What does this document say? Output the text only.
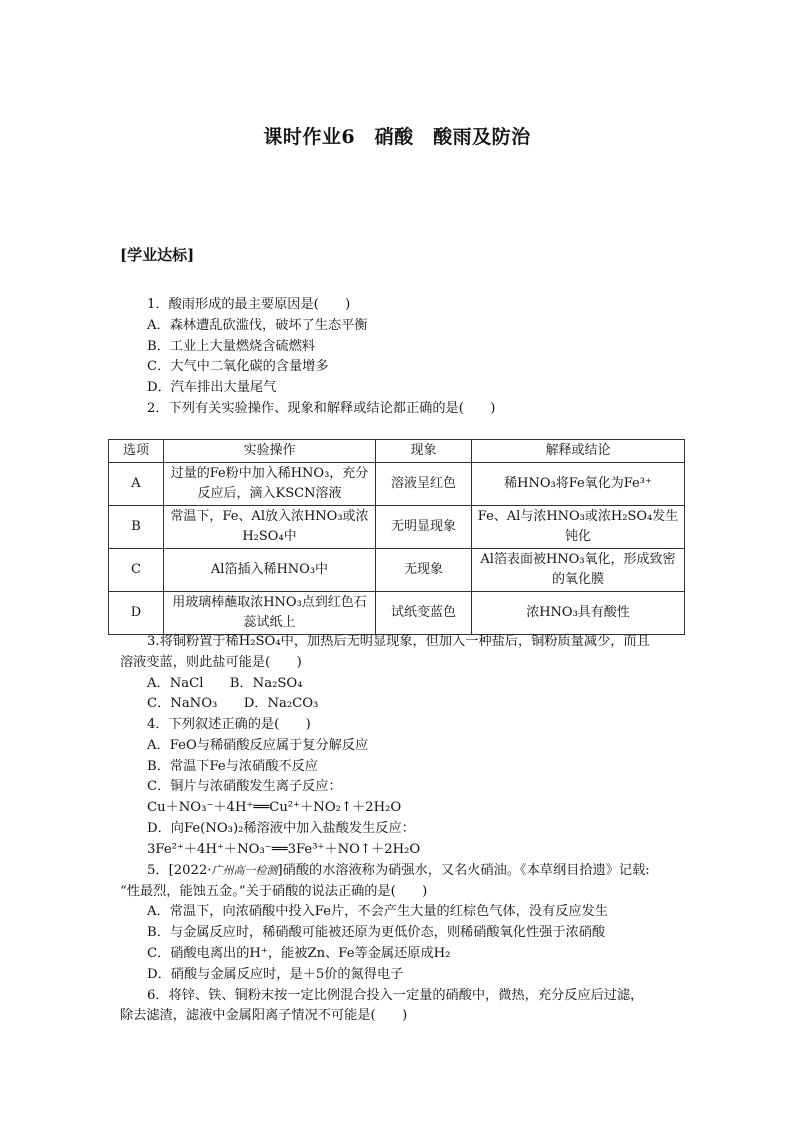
课时作业6　硝酸　酸雨及防治
[学业达标]
1．酸雨形成的最主要原因是(　　)
A．森林遭乱砍滥伐，破坏了生态平衡
B．工业上大量燃烧含硫燃料
C．大气中二氧化碳的含量增多
D．汽车排出大量尾气
2．下列有关实验操作、现象和解释或结论都正确的是(　　)
选项	实验操作	现象	解释或结论
A	过量的Fe粉中加入稀HNO₃，充分反应后，滴入KSCN溶液	溶液呈红色	稀HNO₃将Fe氧化为Fe³⁺
B	常温下，Fe、Al放入浓HNO₃或浓H₂SO₄中	无明显现象	Fe、Al与浓HNO₃或浓H₂SO₄发生钝化
C	Al箔插入稀HNO₃中	无现象	Al箔表面被HNO₃氧化，形成致密的氧化膜
D	用玻璃棒蘸取浓HNO₃点到红色石蕊试纸上	试纸变蓝色	浓HNO₃具有酸性
3.将铜粉置于稀H₂SO₄中，加热后无明显现象，但加入一种盐后，铜粉质量减少，而且
溶液变蓝，则此盐可能是(　　)
A．NaCl　　B．Na₂SO₄
C．NaNO₃　　D．Na₂CO₃
4．下列叙述正确的是(　　)
A．FeO与稀硝酸反应属于复分解反应
B．常温下Fe与浓硝酸不反应
C．铜片与浓硝酸发生离子反应：
Cu＋NO₃⁻＋4H⁺══Cu²⁺＋NO₂↑＋2H₂O
D．向Fe(NO₃)₂稀溶液中加入盐酸发生反应：
3Fe²⁺＋4H⁺＋NO₃⁻══3Fe³⁺＋NO↑＋2H₂O
5．[2022·广州高一检测]硝酸的水溶液称为硝强水，又名火硝油。《本草纲目拾遗》记载:
“性最烈，能蚀五金。”关于硝酸的说法正确的是(　　)
A．常温下，向浓硝酸中投入Fe片，不会产生大量的红棕色气体，没有反应发生
B．与金属反应时，稀硝酸可能被还原为更低价态，则稀硝酸氧化性强于浓硝酸
C．硝酸电离出的H⁺，能被Zn、Fe等金属还原成H₂
D．硝酸与金属反应时，是＋5价的氮得电子
6．将锌、铁、铜粉末按一定比例混合投入一定量的硝酸中，微热，充分反应后过滤，
除去滤渣，滤液中金属阳离子情况不可能是(　　)
